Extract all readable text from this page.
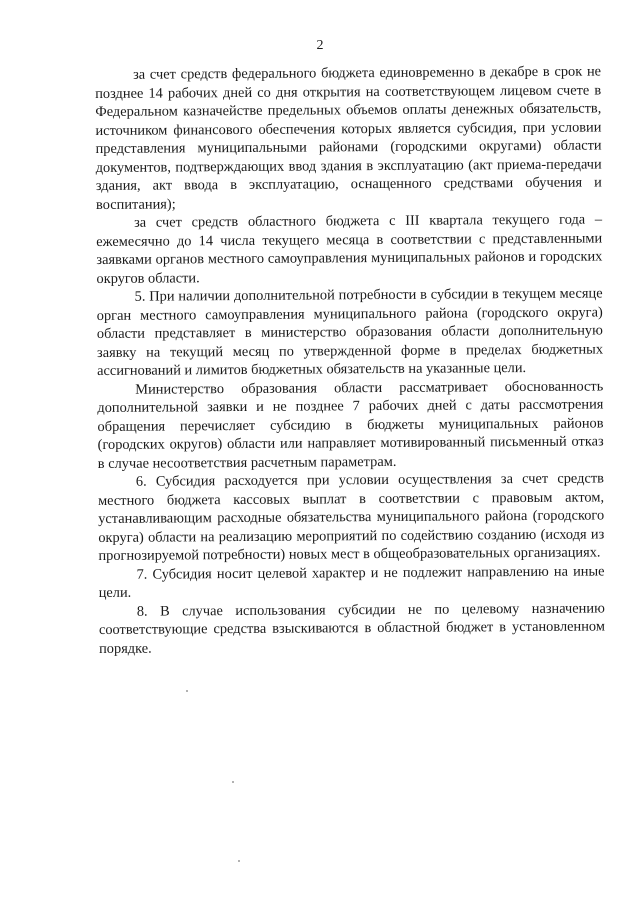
2

за счет средств федерального бюджета единовременно в декабре в срок не позднее 14 рабочих дней со дня открытия на соответствующем лицевом счете в Федеральном казначействе предельных объемов оплаты денежных обязательств, источником финансового обеспечения которых является субсидия, при условии представления муниципальными районами (городскими округами) области документов, подтверждающих ввод здания в эксплуатацию (акт приема-передачи здания, акт ввода в эксплуатацию, оснащенного средствами обучения и воспитания);

за счет средств областного бюджета с III квартала текущего года – ежемесячно до 14 числа текущего месяца в соответствии с представленными заявками органов местного самоуправления муниципальных районов и городских округов области.

5. При наличии дополнительной потребности в субсидии в текущем месяце орган местного самоуправления муниципального района (городского округа) области представляет в министерство образования области дополнительную заявку на текущий месяц по утвержденной форме в пределах бюджетных ассигнований и лимитов бюджетных обязательств на указанные цели.

Министерство образования области рассматривает обоснованность дополнительной заявки и не позднее 7 рабочих дней с даты рассмотрения обращения перечисляет субсидию в бюджеты муниципальных районов (городских округов) области или направляет мотивированный письменный отказ в случае несоответствия расчетным параметрам.

6. Субсидия расходуется при условии осуществления за счет средств местного бюджета кассовых выплат в соответствии с правовым актом, устанавливающим расходные обязательства муниципального района (городского округа) области на реализацию мероприятий по содействию созданию (исходя из прогнозируемой потребности) новых мест в общеобразовательных организациях.

7. Субсидия носит целевой характер и не подлежит направлению на иные цели.

8. В случае использования субсидии не по целевому назначению соответствующие средства взыскиваются в областной бюджет в установленном порядке.
